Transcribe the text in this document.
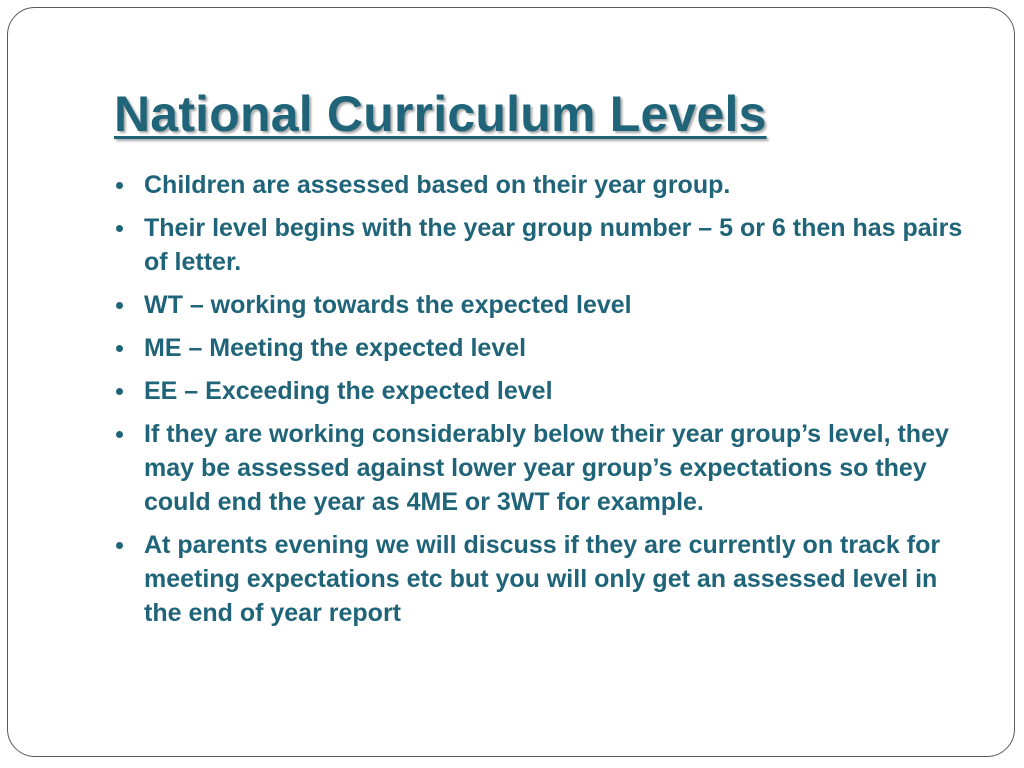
National Curriculum Levels
Children are assessed based on their year group.
Their level begins with the year group number – 5 or 6 then has pairs of letter.
WT – working towards the expected level
ME – Meeting the expected level
EE – Exceeding the expected level
If they are working considerably below their year group’s level, they may be assessed against lower year group’s expectations so they could end the year as 4ME or 3WT for example.
At parents evening we will discuss if they are currently on track for meeting expectations etc but you will only get an assessed level in the end of year report
